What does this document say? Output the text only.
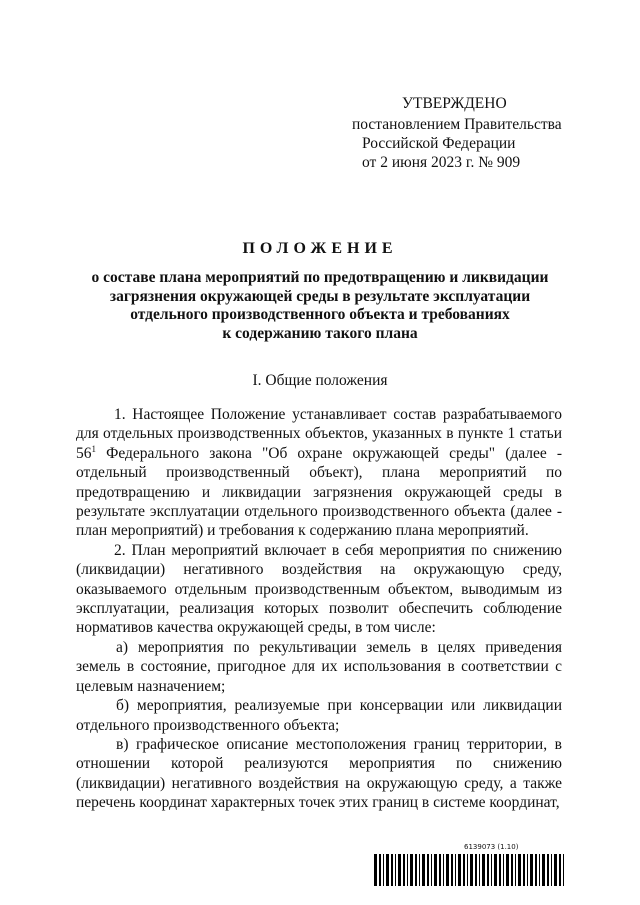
УТВЕРЖДЕНО
постановлением Правительства
Российской Федерации
от 2 июня 2023 г. № 909
ПОЛОЖЕНИЕ
о составе плана мероприятий по предотвращению и ликвидации
загрязнения окружающей среды в результате эксплуатации
отдельного производственного объекта и требованиях
к содержанию такого плана
I. Общие положения

1. Настоящее Положение устанавливает состав разрабатываемого для отдельных производственных объектов, указанных в пункте 1 статьи $56^1$ Федерального закона "Об охране окружающей среды" (далее - отдельный производственный объект), плана мероприятий по предотвращению и ликвидации загрязнения окружающей среды в результате эксплуатации отдельного производственного объекта (далее - план мероприятий) и требования к содержанию плана мероприятий.

2. План мероприятий включает в себя мероприятия по снижению (ликвидации) негативного воздействия на окружающую среду, оказываемого отдельным производственным объектом, выводимым из эксплуатации, реализация которых позволит обеспечить соблюдение нормативов качества окружающей среды, в том числе:

а) мероприятия по рекультивации земель в целях приведения земель в состояние, пригодное для их использования в соответствии с целевым назначением;

б) мероприятия, реализуемые при консервации или ликвидации отдельного производственного объекта;

в) графическое описание местоположения границ территории, в отношении которой реализуются мероприятия по снижению (ликвидации) негативного воздействия на окружающую среду, а также перечень координат характерных точек этих границ в системе координат,

6139073 (1.10)
